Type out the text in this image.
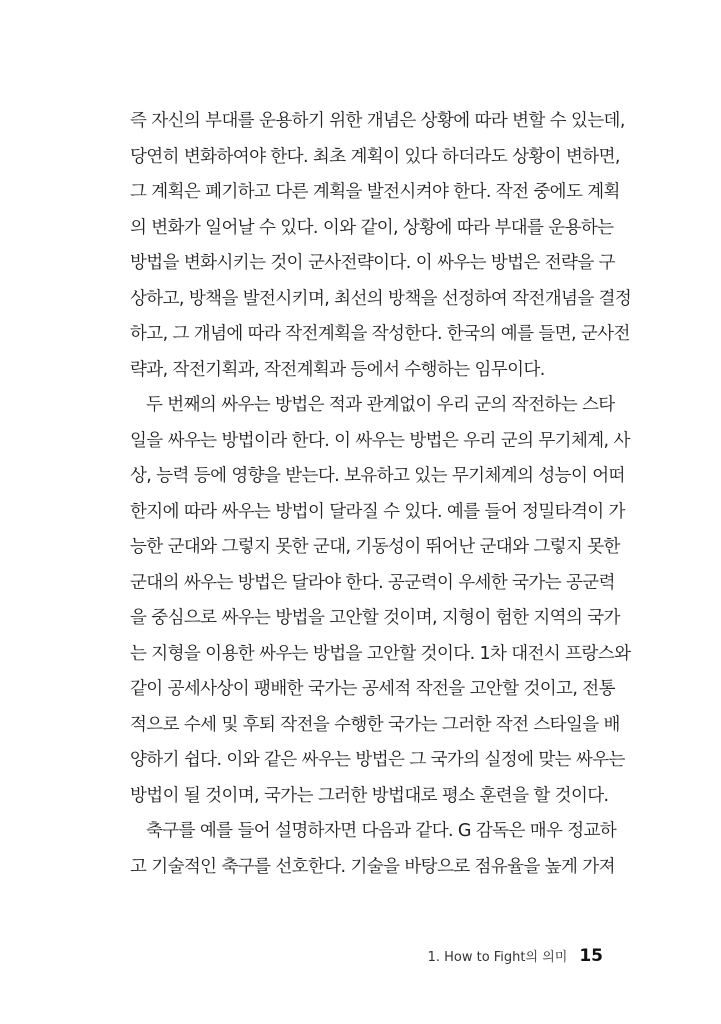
즉 자신의 부대를 운용하기 위한 개념은 상황에 따라 변할 수 있는데,
당연히 변화하여야 한다. 최초 계획이 있다 하더라도 상황이 변하면,
그 계획은 폐기하고 다른 계획을 발전시켜야 한다. 작전 중에도 계획
의 변화가 일어날 수 있다. 이와 같이, 상황에 따라 부대를 운용하는
방법을 변화시키는 것이 군사전략이다. 이 싸우는 방법은 전략을 구
상하고, 방책을 발전시키며, 최선의 방책을 선정하여 작전개념을 결정
하고, 그 개념에 따라 작전계획을 작성한다. 한국의 예를 들면, 군사전
략과, 작전기획과, 작전계획과 등에서 수행하는 임무이다.
두 번째의 싸우는 방법은 적과 관계없이 우리 군의 작전하는 스타
일을 싸우는 방법이라 한다. 이 싸우는 방법은 우리 군의 무기체계, 사
상, 능력 등에 영향을 받는다. 보유하고 있는 무기체계의 성능이 어떠
한지에 따라 싸우는 방법이 달라질 수 있다. 예를 들어 정밀타격이 가
능한 군대와 그렇지 못한 군대, 기동성이 뛰어난 군대와 그렇지 못한
군대의 싸우는 방법은 달라야 한다. 공군력이 우세한 국가는 공군력
을 중심으로 싸우는 방법을 고안할 것이며, 지형이 험한 지역의 국가
는 지형을 이용한 싸우는 방법을 고안할 것이다. 1차 대전시 프랑스와
같이 공세사상이 팽배한 국가는 공세적 작전을 고안할 것이고, 전통
적으로 수세 및 후퇴 작전을 수행한 국가는 그러한 작전 스타일을 배
양하기 쉽다. 이와 같은 싸우는 방법은 그 국가의 실정에 맞는 싸우는
방법이 될 것이며, 국가는 그러한 방법대로 평소 훈련을 할 것이다.
축구를 예를 들어 설명하자면 다음과 같다. G 감독은 매우 정교하
고 기술적인 축구를 선호한다. 기술을 바탕으로 점유율을 높게 가져
1. How to Fight의 의미 15
